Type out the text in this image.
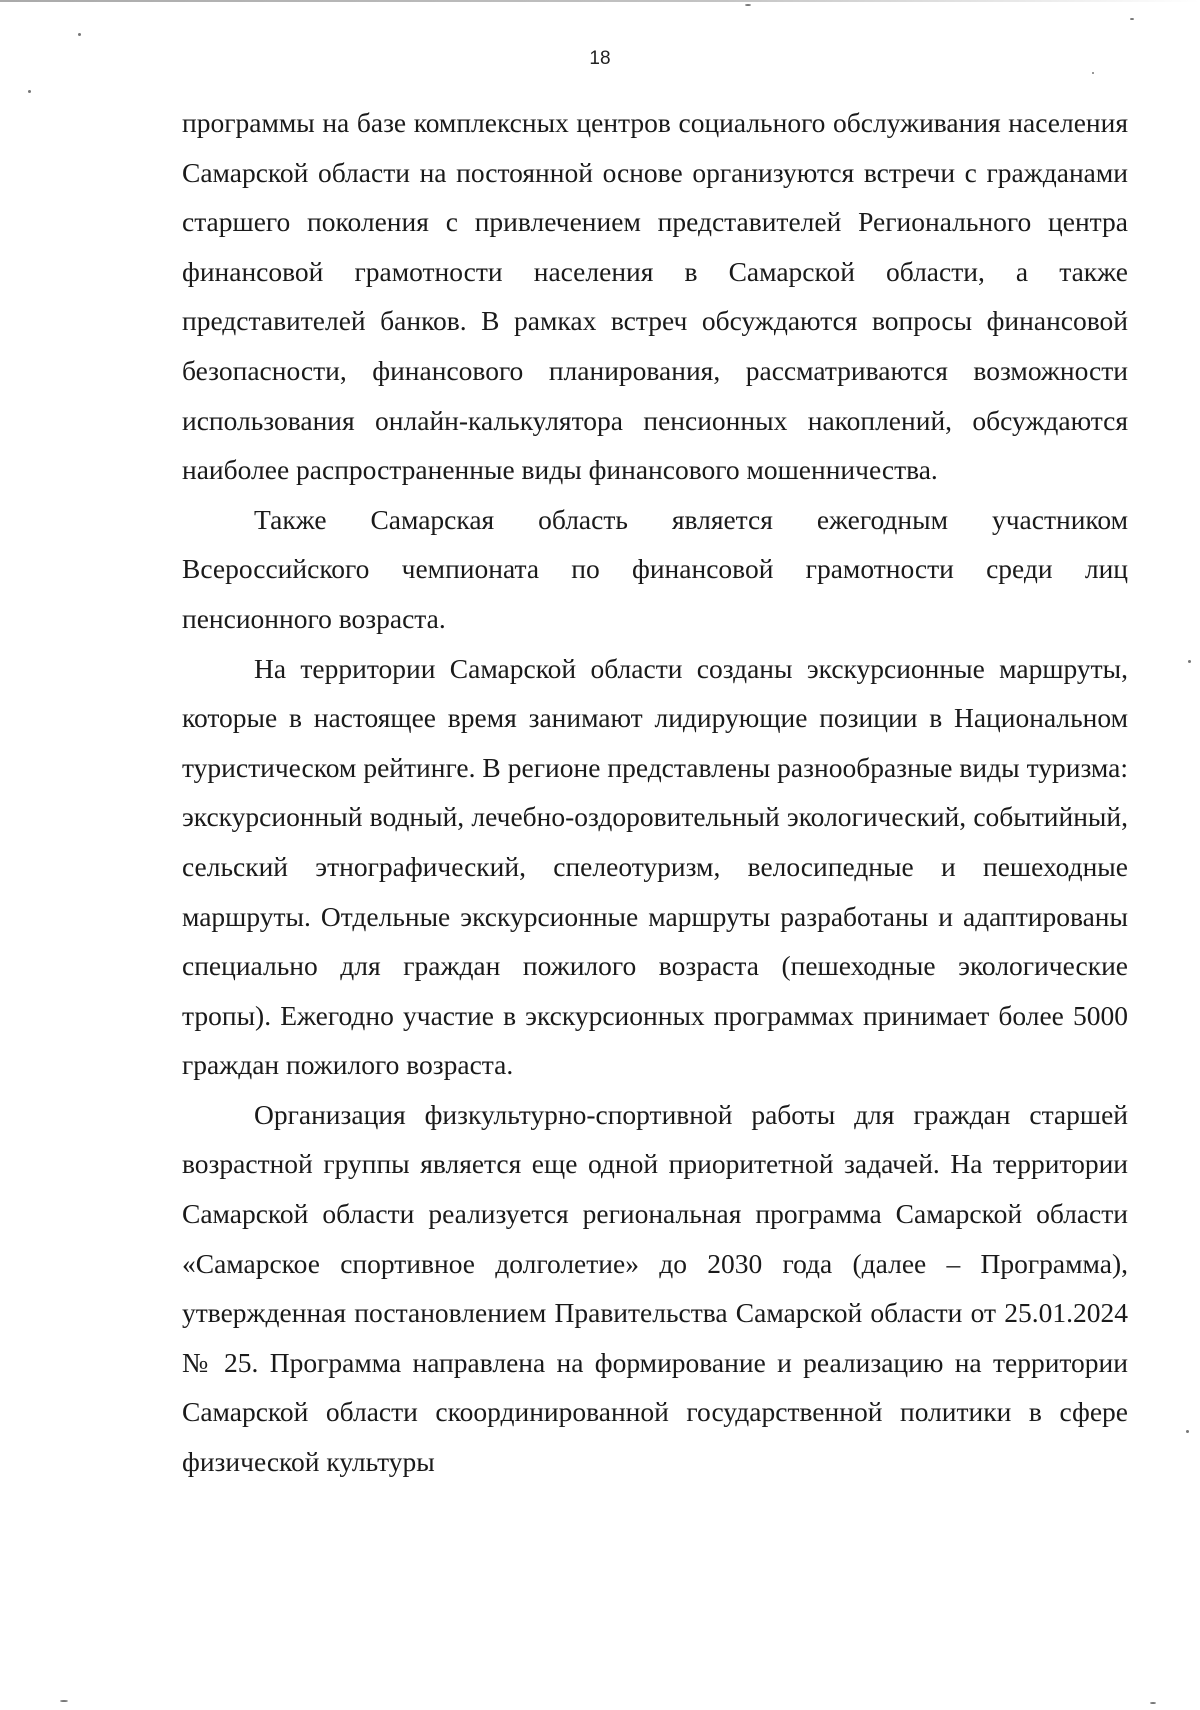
18

программы на базе комплексных центров социального обслуживания населения Самарской области на постоянной основе организуются встречи с гражданами старшего поколения с привлечением представителей Регионального центра финансовой грамотности населения в Самарской области, а также представителей банков. В рамках встреч обсуждаются вопросы финансовой безопасности, финансового планирования, рассматриваются возможности использования онлайн-калькулятора пенсионных накоплений, обсуждаются наиболее распространенные виды финансового мошенничества.

Также Самарская область является ежегодным участником Всероссийского чемпионата по финансовой грамотности среди лиц пенсионного возраста.

На территории Самарской области созданы экскурсионные маршруты, которые в настоящее время занимают лидирующие позиции в Национальном туристическом рейтинге. В регионе представлены разнообразные виды туризма: экскурсионный водный, лечебно-оздоровительный экологический, событийный, сельский этнографический, спелеотуризм, велосипедные и пешеходные маршруты. Отдельные экскурсионные маршруты разработаны и адаптированы специально для граждан пожилого возраста (пешеходные экологические тропы). Ежегодно участие в экскурсионных программах принимает более 5000 граждан пожилого возраста.

Организация физкультурно-спортивной работы для граждан старшей возрастной группы является еще одной приоритетной задачей. На территории Самарской области реализуется региональная программа Самарской области «Самарское спортивное долголетие» до 2030 года (далее – Программа), утвержденная постановлением Правительства Самарской области от 25.01.2024 № 25. Программа направлена на формирование и реализацию на территории Самарской области скоординированной государственной политики в сфере физической культуры
